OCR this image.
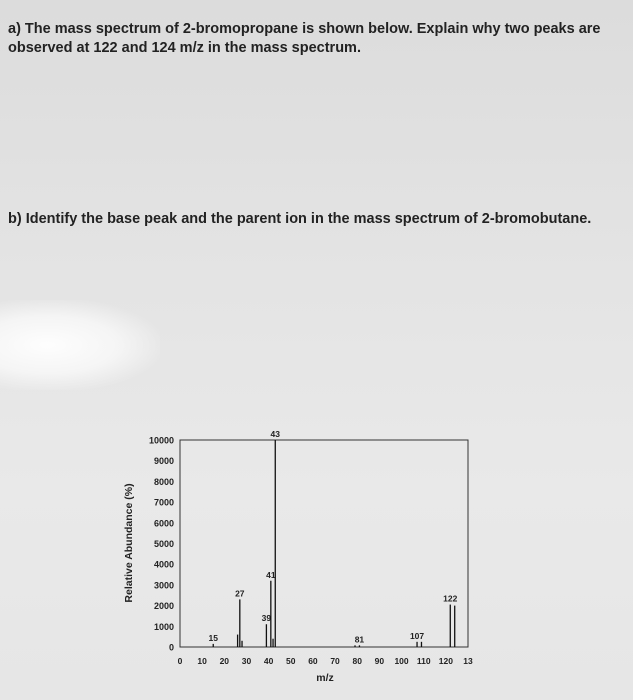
a) The mass spectrum of 2-bromopropane is shown below. Explain why two peaks are observed at 122 and 124 m/z in the mass spectrum.
b) Identify the base peak and the parent ion in the mass spectrum of 2-bromobutane.
0
1000
2000
3000
4000
5000
6000
7000
8000
9000
10000
0 10 20 30 40 50 60 70 80 90 100 110 120 13
15
27
39
41
43
81	107
122
Relative Abundance (%)
m/z
